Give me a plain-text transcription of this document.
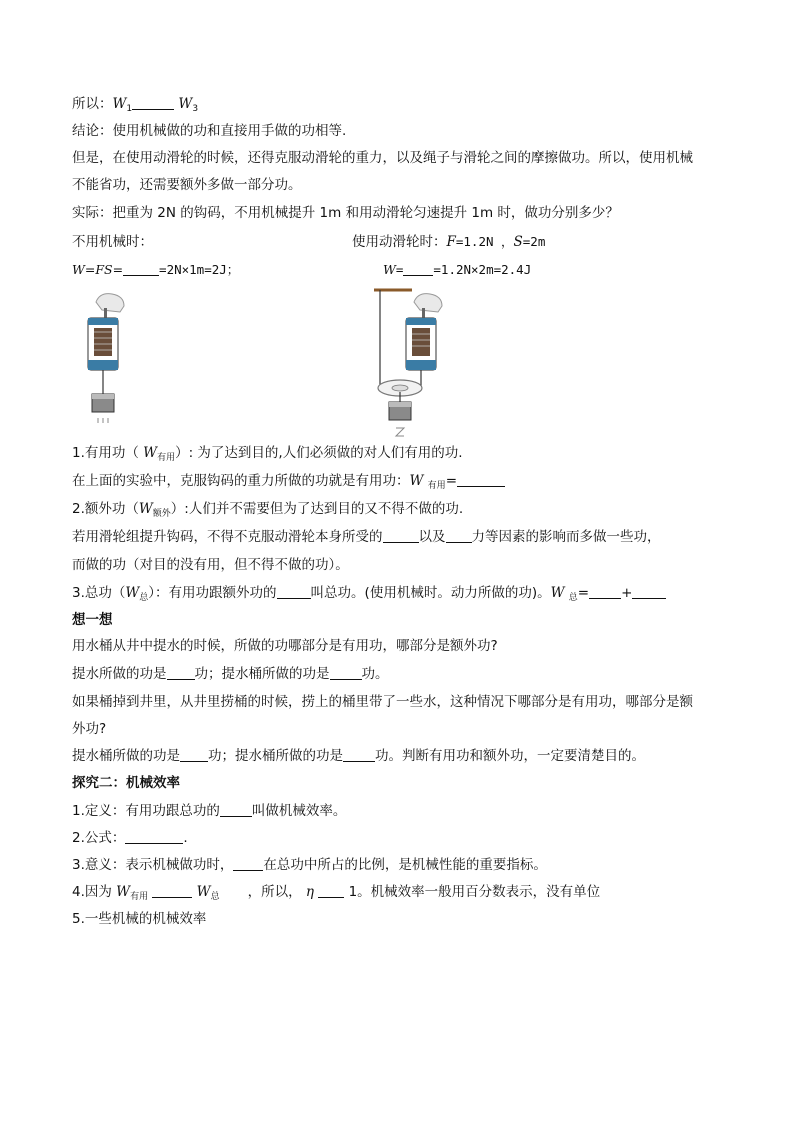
所以：$W_1$	$W_3$
结论：使用机械做的功和直接用手做的功相等.
但是，在使用动滑轮的时候，还得克服动滑轮的重力，以及绳子与滑轮之间的摩擦做功。所以，使用机械
不能省功，还需要额外多做一部分功。
实际：把重为 2N 的钩码，不用机械提升 1m 和用动滑轮匀速提升 1m 时，做功分别多少？
不用机械时：	使用动滑轮时：F=1.2N ，S=2m
W=FS=	=2N×1m=2J；	W= =1.2N×2m=2.4J
1.有用功（ $W_{有用}$）: 为了达到目的,人们必须做的对人们有用的功.
在上面的实验中，克服钩码的重力所做的功就是有用功：W $_{有用}$=
2.额外功$(W_{额外})$:人们并不需要但为了达到目的又不得不做的功.
若用滑轮组提升钩码，不得不克服动滑轮本身所受的	以及 力等因素的影响而多做一些功，
而做的功（对目的没有用，但不得不做的功）。
3.总功$(W_总)$：有用功跟额外功的	叫总功。(使用机械时。动力所做的功)。W $_总$= +
想一想
用水桶从井中提水的时候，所做的功哪部分是有用功，哪部分是额外功?
提水所做的功是 功；提水桶所做的功是 功。
如果桶掉到井里，从井里捞桶的时候，捞上的桶里带了一些水，这种情况下哪部分是有用功，哪部分是额
外功?
提水桶所做的功是 功；提水桶所做的功是 功。判断有用功和额外功，一定要清楚目的。
探究二：机械效率
1.定义：有用功跟总功的 叫做机械效率。
2.公式：	.
3.意义：表示机械做功时， 在总功中所占的比例，是机械性能的重要指标。
4.因为 $W_{有用}$	$W_总$ ，所以， η	1。机械效率一般用百分数表示，没有单位
5.一些机械的机械效率
